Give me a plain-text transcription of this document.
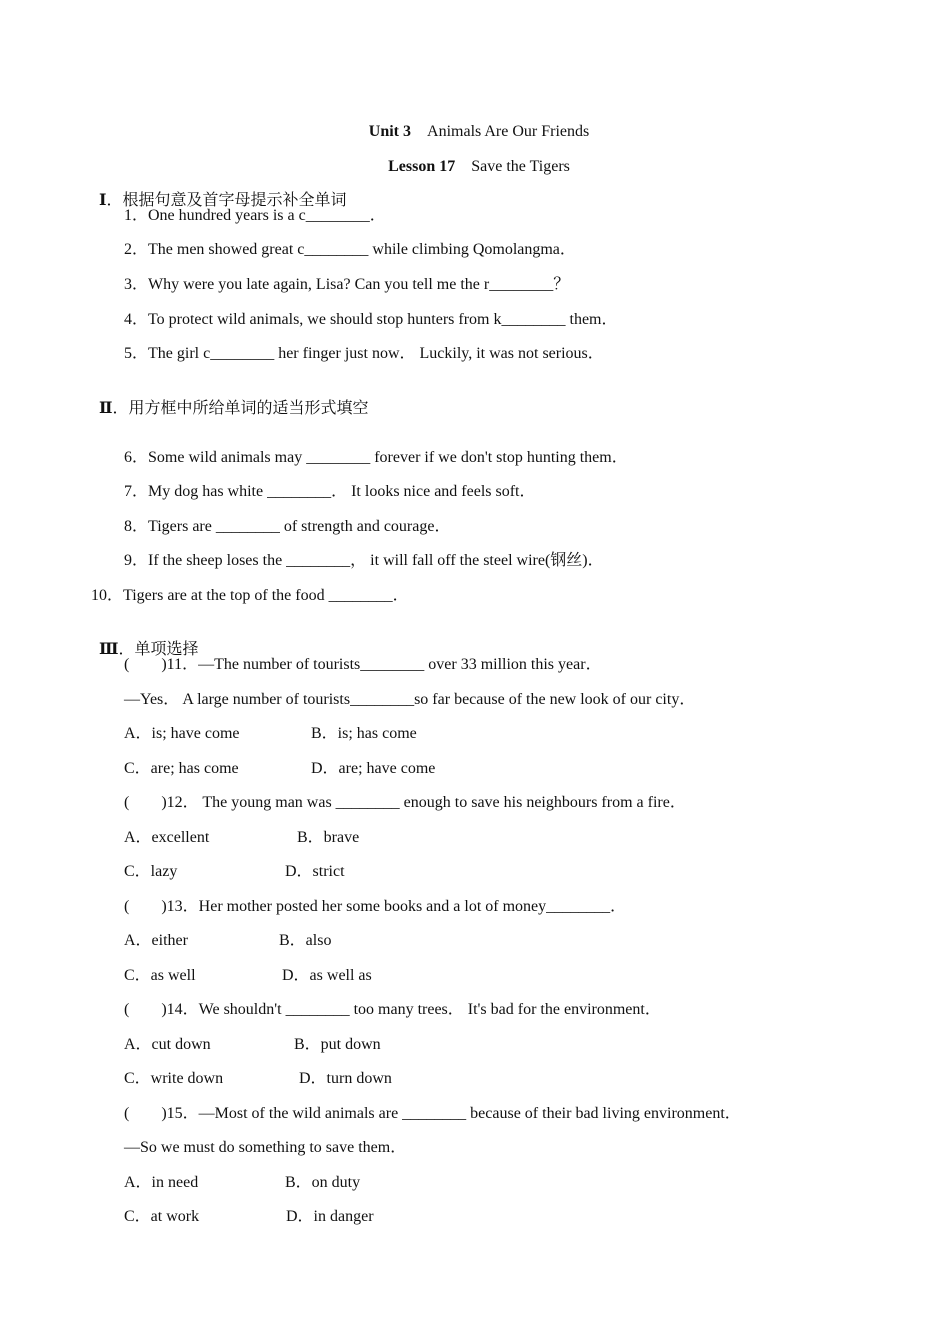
Unit 3　 Animals Are Our Friends

Lesson 17　 Save the Tigers

Ⅰ．根据句意及首字母提示补全单词

1．One hundred years is a c________．
2．The men showed great c________ while climbing Qomolangma．
3．Why were you late again, Lisa? Can you tell me the r________？
4．To protect wild animals, we should stop hunters from k________ them．
5．The girl c________ her finger just now． Luckily, it was not serious．

Ⅱ．用方框中所给单词的适当形式填空

6．Some wild animals may ________ forever if we don't stop hunting them．
7．My dog has white ________． It looks nice and feels soft．
8．Tigers are ________ of strength and courage．
9．If the sheep loses the ________， it will fall off the steel wire(钢丝)．
10．Tigers are at the top of the food ________．

Ⅲ．单项选择

(　　)11．—The number of tourists________ over 33 million this year．
—Yes． A large number of tourists________so far because of the new look of our city．
A．is; have come	B．is; has come
C．are; has come	D．are; have come
(　　)12． The young man was ________ enough to save his neighbours from a fire．
A．excellent	B．brave
C．lazy	D．strict
(　　)13．Her mother posted her some books and a lot of money________．
A．either	B．also
C．as well	D．as well as
(　　)14．We shouldn't ________ too many trees． It's bad for the environment．
A．cut down	B．put down
C．write down	D．turn down
(　　)15．—Most of the wild animals are ________ because of their bad living environment．
—So we must do something to save them．
A．in need	B．on duty
C．at work	D．in danger
